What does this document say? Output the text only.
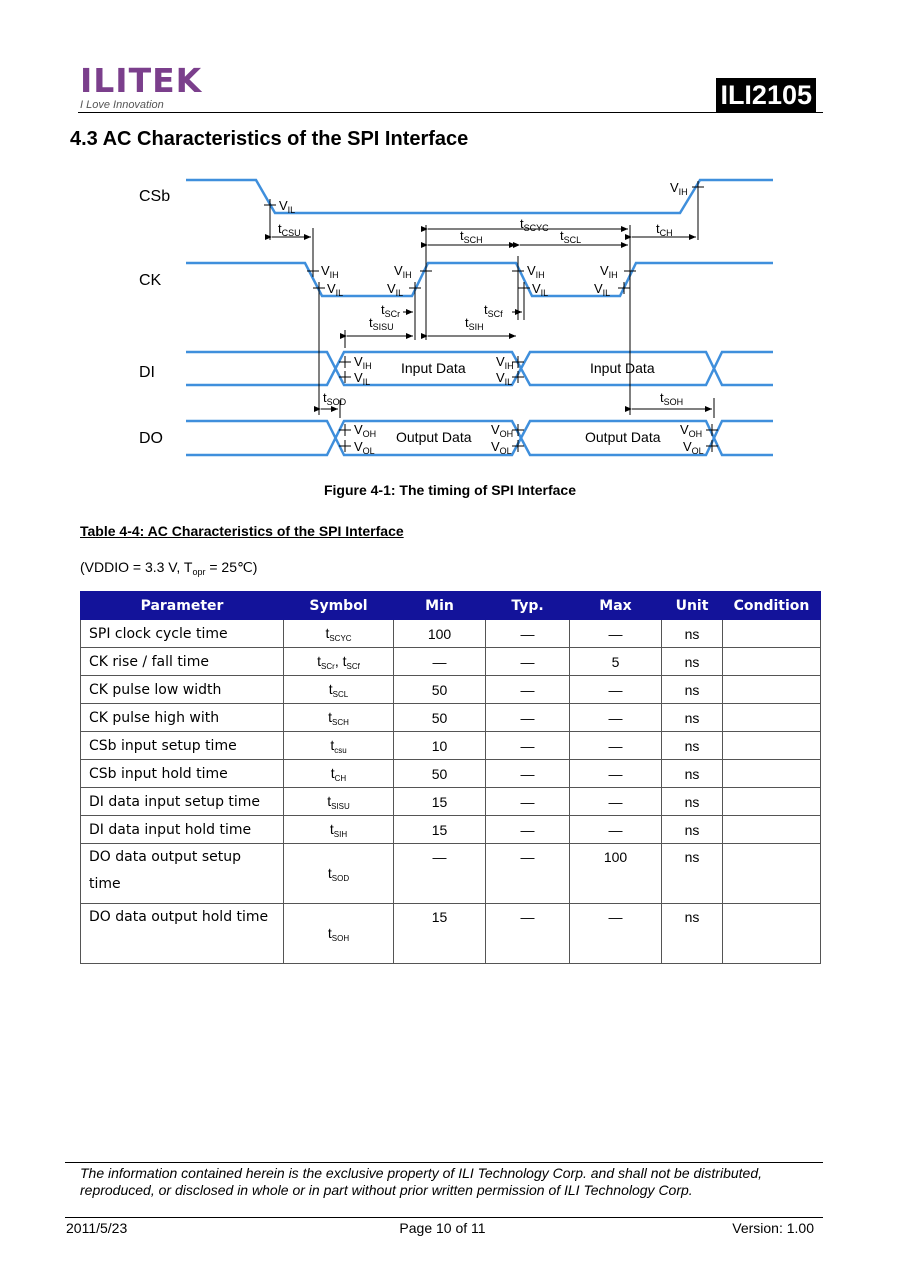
ILITEK
I Love Innovation	ILI2105
4.3 AC Characteristics of the SPI Interface
CSb
CK
DI
DO
$V_{IL}$
$V_{IH}$
$V_{IH}$
$V_{IL}$
$V_{IH}$
$V_{IL}$
$V_{IH}$
$V_{IL}$
$V_{IH}$
$V_{IL}$
$V_{IH}$
$V_{IL}$
$V_{IH}$
$V_{IL}$
$V_{OH}$
$V_{OL}$
$V_{OH}$
$V_{OL}$
$V_{OH}$
$V_{OL}$
$t_{CSU}$
$t_{SCYC}$
$t_{SCH}$	$t_{SCL}$
$t_{CH}$
$t_{SCr}$	$t_{SCf}$
$t_{SISU}$	$t_{SIH}$
$t_{SOD}$	$t_{SOH}$
Input Data	Input Data
Output Data	Output Data
Figure 4-1: The timing of SPI Interface
Table 4-4: AC Characteristics of the SPI Interface
(VDDIO = 3.3 V, $T_{opr}$ = 25℃)
Parameter	Symbol	Min	Typ.	Max	Unit	Condition
SPI clock cycle time	$t_{SCYC}$	100	—	—	ns	
CK rise / fall time	$t_{SCr}$, $t_{SCf}$	—	—	5	ns	
CK pulse low width	$t_{SCL}$	50	—	—	ns	
CK pulse high with	$t_{SCH}$	50	—	—	ns	
CSb input setup time	$t_{csu}$	10	—	—	ns	
CSb input hold time	$t_{CH}$	50	—	—	ns	
DI data input setup time	$t_{SISU}$	15	—	—	ns	
DI data input hold time	$t_{SIH}$	15	—	—	ns	
DO data output setup time	$t_{SOD}$	—	—	100	ns	
DO data output hold time	$t_{SOH}$	15	—	—	ns	
The information contained herein is the exclusive property of ILI Technology Corp. and shall not be distributed, reproduced, or disclosed in whole or in part without prior written permission of ILI Technology Corp.
2011/5/23	Page 10 of 11	Version: 1.00
